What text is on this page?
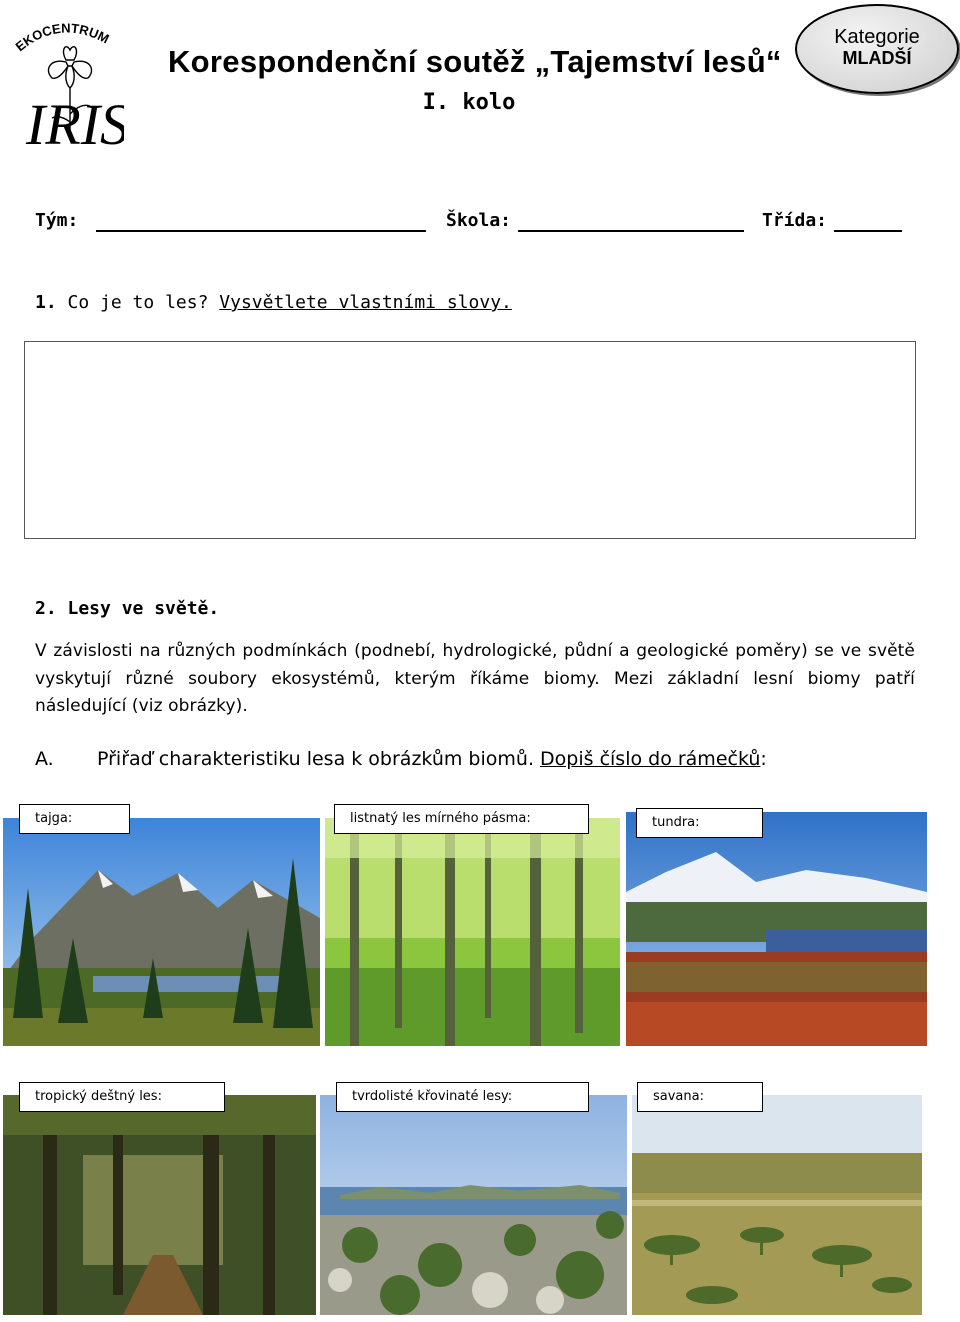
EKOCENTRUM
IRIS
Korespondenční soutěž „Tajemství lesů“
I. kolo
Kategorie
MLADŠÍ
Tým:	Škola:	Třída:
1. Co je to les? Vysvětlete vlastními slovy.
2. Lesy ve světě.
V závislosti na různých podmínkách (podnebí, hydrologické, půdní a geologické poměry) se ve světě vyskytují různé soubory ekosystémů, kterým říkáme biomy. Mezi základní lesní biomy patří následující (viz obrázky).
A. Přiřaď charakteristiku lesa k obrázkům biomů. Dopiš číslo do rámečků:
tajga:	listnatý les mírného pásma:	tundra:
tropický deštný les:	tvrdolisté křovinaté lesy:	savana:
